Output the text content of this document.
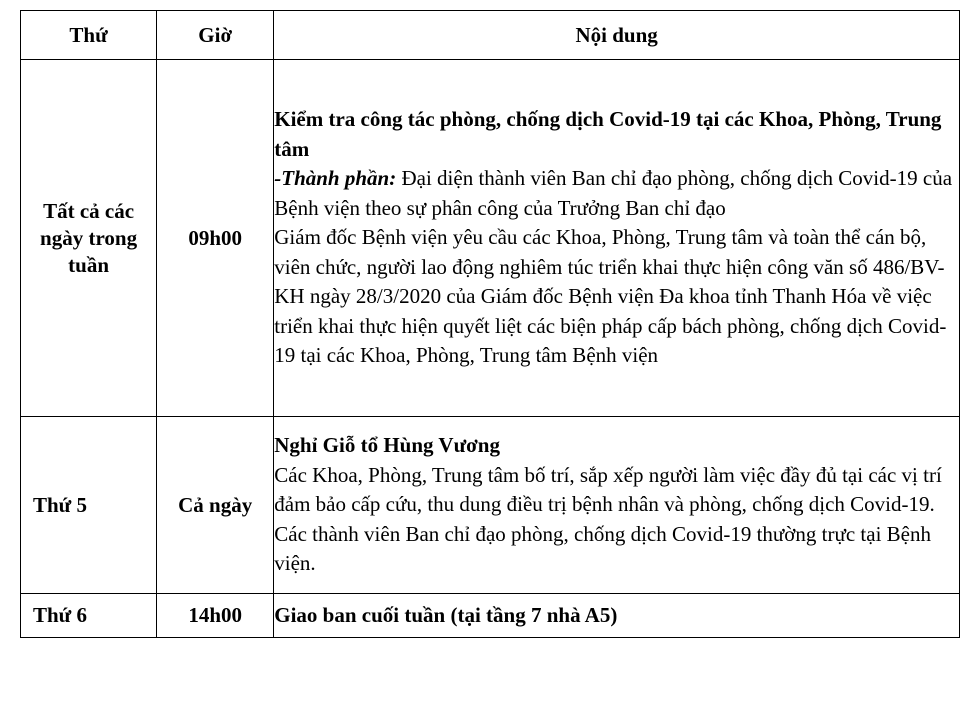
Thứ	Giờ	Nội dung
Tất cả các ngày trong tuần	09h00	Kiểm tra công tác phòng, chống dịch Covid-19 tại các Khoa, Phòng, Trung tâm
-Thành phần: Đại diện thành viên Ban chỉ đạo phòng, chống dịch Covid-19 của Bệnh viện theo sự phân công của Trưởng Ban chỉ đạo
Giám đốc Bệnh viện yêu cầu các Khoa, Phòng, Trung tâm và toàn thể cán bộ, viên chức, người lao động nghiêm túc triển khai thực hiện công văn số 486/BV-KH ngày 28/3/2020 của Giám đốc Bệnh viện Đa khoa tỉnh Thanh Hóa về việc triển khai thực hiện quyết liệt các biện pháp cấp bách phòng, chống dịch Covid-19 tại các Khoa, Phòng, Trung tâm Bệnh viện

Thứ 5	Cả ngày	Nghỉ Giỗ tổ Hùng Vương
Các Khoa, Phòng, Trung tâm bố trí, sắp xếp người làm việc đầy đủ tại các vị trí đảm bảo cấp cứu, thu dung điều trị bệnh nhân và phòng, chống dịch Covid-19. Các thành viên Ban chỉ đạo phòng, chống dịch Covid-19 thường trực tại Bệnh viện.

Thứ 6	14h00	Giao ban cuối tuần (tại tầng 7 nhà A5)
